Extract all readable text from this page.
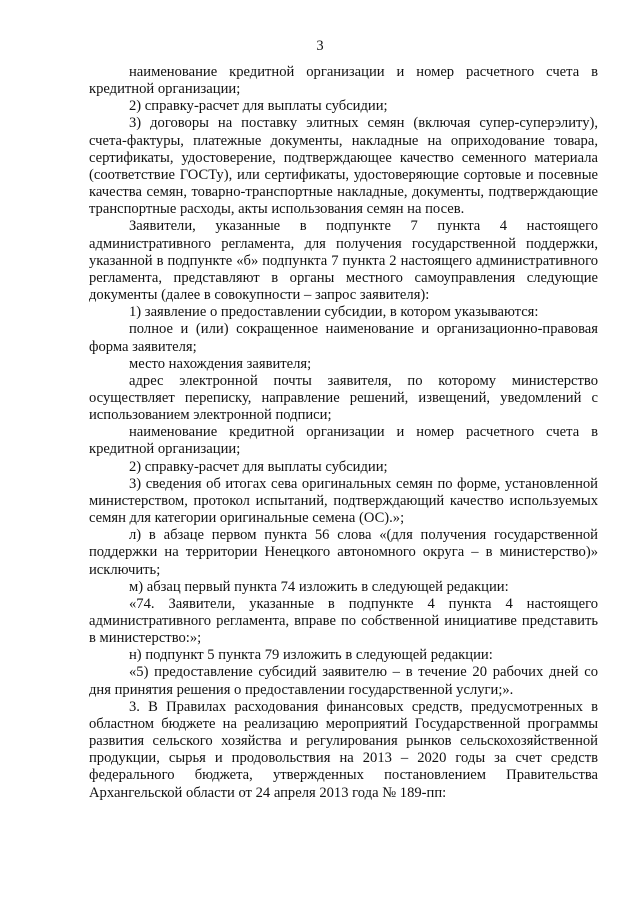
3

наименование кредитной организации и номер расчетного счета в кредитной организации;

2) справку-расчет для выплаты субсидии;

3) договоры на поставку элитных семян (включая супер-суперэлиту), счета-фактуры, платежные документы, накладные на оприходование товара, сертификаты, удостоверение, подтверждающее качество семенного материала (соответствие ГОСТу), или сертификаты, удостоверяющие сортовые и посевные качества семян, товарно-транспортные накладные, документы, подтверждающие транспортные расходы, акты использования семян на посев.

Заявители, указанные в подпункте 7 пункта 4 настоящего административного регламента, для получения государственной поддержки, указанной в подпункте «б» подпункта 7 пункта 2 настоящего административного регламента, представляют в органы местного самоуправления следующие документы (далее в совокупности – запрос заявителя):

1) заявление о предоставлении субсидии, в котором указываются:

полное и (или) сокращенное наименование и организационно-правовая форма заявителя;

место нахождения заявителя;

адрес электронной почты заявителя, по которому министерство осуществляет переписку, направление решений, извещений, уведомлений с использованием электронной подписи;

наименование кредитной организации и номер расчетного счета в кредитной организации;

2) справку-расчет для выплаты субсидии;

3) сведения об итогах сева оригинальных семян по форме, установленной министерством, протокол испытаний, подтверждающий качество используемых семян для категории оригинальные семена (ОС).»;

л) в абзаце первом пункта 56 слова «(для получения государственной поддержки на территории Ненецкого автономного округа – в министерство)» исключить;

м) абзац первый пункта 74 изложить в следующей редакции:

«74. Заявители, указанные в подпункте 4 пункта 4 настоящего административного регламента, вправе по собственной инициативе представить в министерство:»;

н) подпункт 5 пункта 79 изложить в следующей редакции:

«5) предоставление субсидий заявителю – в течение 20 рабочих дней со дня принятия решения о предоставлении государственной услуги;».

3. В Правилах расходования финансовых средств, предусмотренных в областном бюджете на реализацию мероприятий Государственной программы развития сельского хозяйства и регулирования рынков сельскохозяйственной продукции, сырья и продовольствия на 2013 – 2020 годы за счет средств федерального бюджета, утвержденных постановлением Правительства Архангельской области от 24 апреля 2013 года № 189-пп:
